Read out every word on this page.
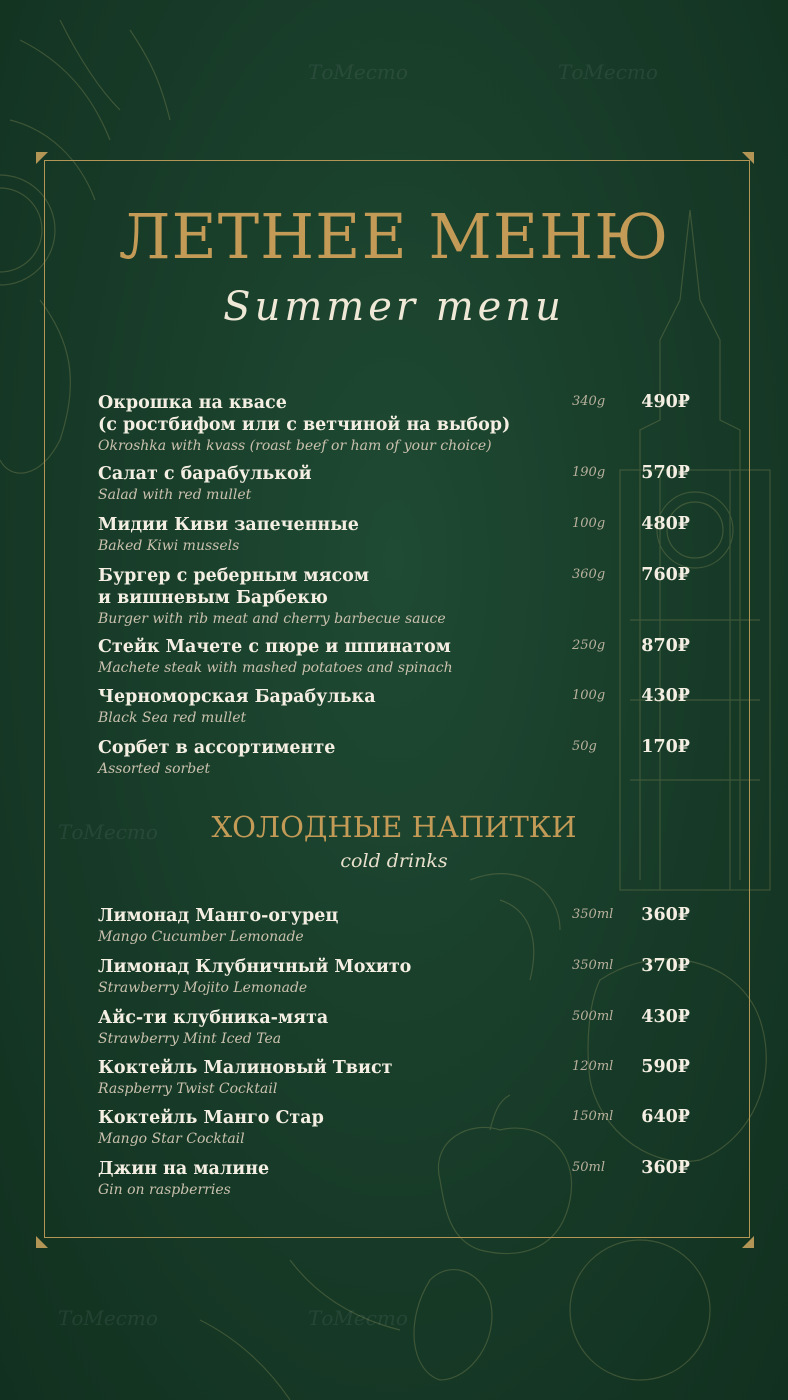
ТоМесто	ТоМесто
ТоМесто
ТоМесто	ТоМесто
ЛЕТНЕЕ МЕНЮ
Summer menu
Окрошка на квасе
(с ростбифом или с ветчиной на выбор)
Okroshka with kvass (roast beef or ham of your choice)
340g 490₽
Салат с барабулькой
Salad with red mullet
190g 570₽
Мидии Киви запеченные
Baked Kiwi mussels
100g 480₽
Бургер с реберным мясом
и вишневым Барбекю
Burger with rib meat and cherry barbecue sauce
360g 760₽
Стейк Мачете с пюре и шпинатом
Machete steak with mashed potatoes and spinach
250g 870₽
Черноморская Барабулька
Black Sea red mullet
100g 430₽
Сорбет в ассортименте
Assorted sorbet
50g	170₽
ХОЛОДНЫЕ НАПИТКИ
cold drinks
Лимонад Манго-огурец
Mango Cucumber Lemonade
350ml 360₽
Лимонад Клубничный Мохито
Strawberry Mojito Lemonade
350ml 370₽
Айс-ти клубника-мята
Strawberry Mint Iced Tea
500ml 430₽
Коктейль Малиновый Твист
Raspberry Twist Cocktail
120ml 590₽
Коктейль Манго Стар
Mango Star Cocktail
150ml 640₽
Джин на малине
Gin on raspberries
50ml 360₽
